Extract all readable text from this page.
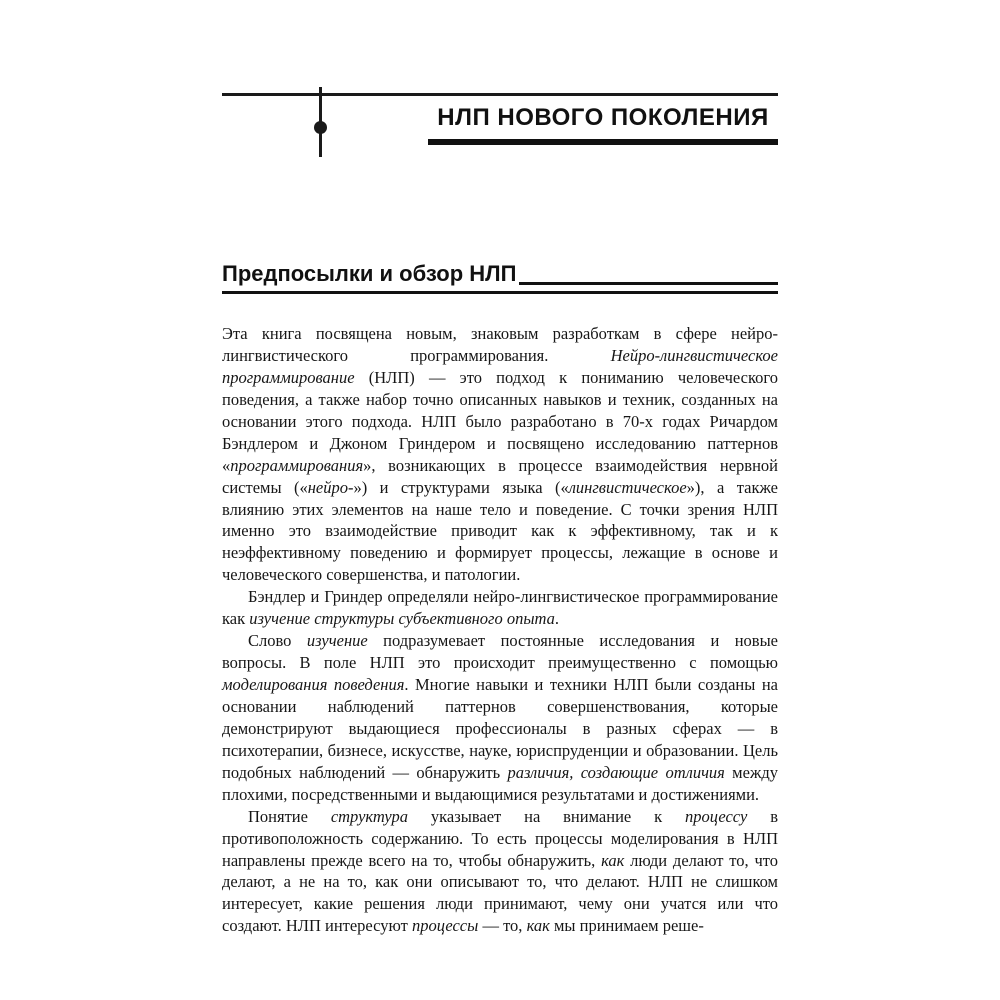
НЛП НОВОГО ПОКОЛЕНИЯ
Предпосылки и обзор НЛП

Эта книга посвящена новым, знаковым разработкам в сфере нейро-лингвистического программирования. Нейро-лингвистическое программирование (НЛП) — это подход к пониманию человеческого поведения, а также набор точно описанных навыков и техник, созданных на основании этого подхода. НЛП было разработано в 70-х годах Ричардом Бэндлером и Джоном Гриндером и посвящено исследованию паттернов «программирования», возникающих в процессе взаимодействия нервной системы («нейро-») и структурами языка («лингвистическое»), а также влиянию этих элементов на наше тело и поведение. С точки зрения НЛП именно это взаимодействие приводит как к эффективному, так и к неэффективному поведению и формирует процессы, лежащие в основе и человеческого совершенства, и патологии.

Бэндлер и Гриндер определяли нейро-лингвистическое программирование как изучение структуры субъективного опыта.

Слово изучение подразумевает постоянные исследования и новые вопросы. В поле НЛП это происходит преимущественно с помощью моделирования поведения. Многие навыки и техники НЛП были созданы на основании наблюдений паттернов совершенствования, которые демонстрируют выдающиеся профессионалы в разных сферах — в психотерапии, бизнесе, искусстве, науке, юриспруденции и образовании. Цель подобных наблюдений — обнаружить различия, создающие отличия между плохими, посредственными и выдающимися результатами и достижениями.

Понятие структура указывает на внимание к процессу в противоположность содержанию. То есть процессы моделирования в НЛП направлены прежде всего на то, чтобы обнаружить, как люди делают то, что делают, а не на то, как они описывают то, что делают. НЛП не слишком интересует, какие решения люди принимают, чему они учатся или что создают. НЛП интересуют процессы — то, как мы принимаем реше-
